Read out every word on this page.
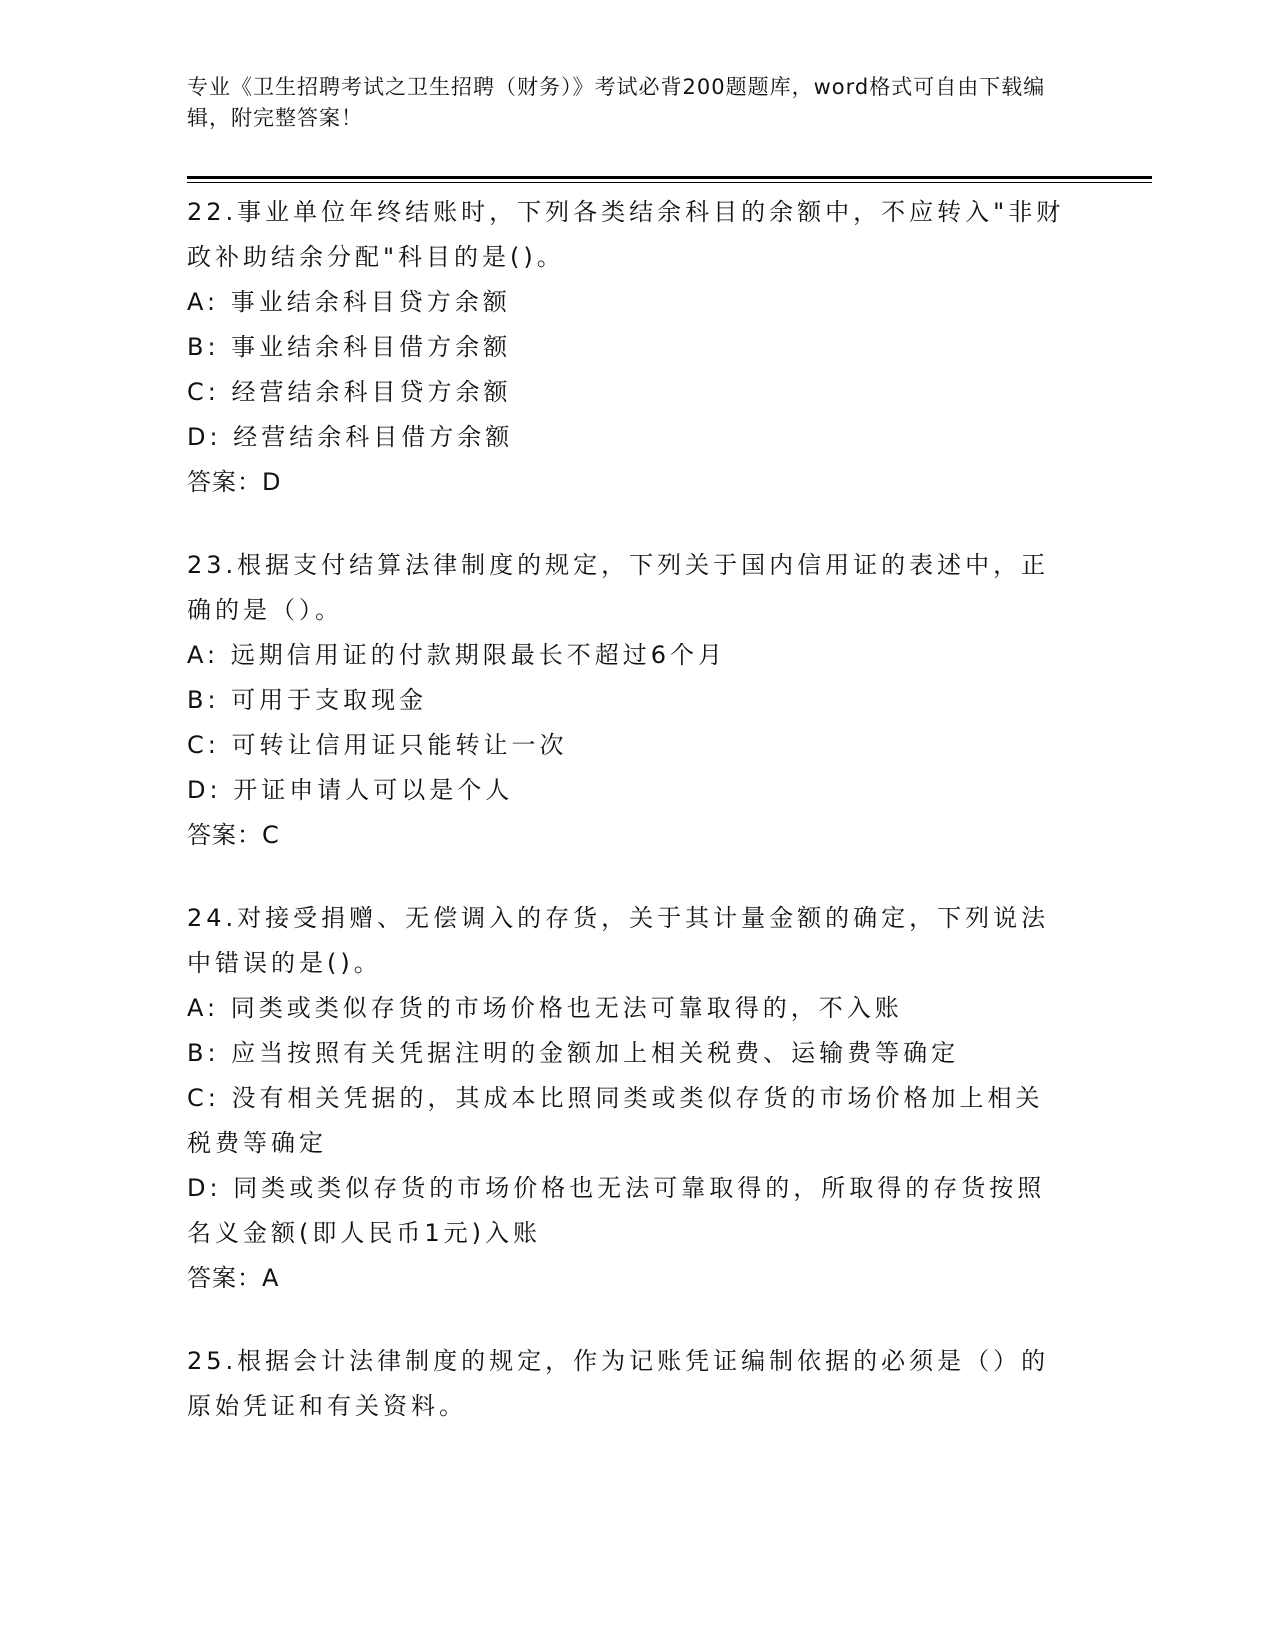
专业《卫生招聘考试之卫生招聘（财务）》考试必背200题题库，word格式可自由下载编辑，附完整答案！

22.事业单位年终结账时，下列各类结余科目的余额中，不应转入"非财政补助结余分配"科目的是()。

A: 事业结余科目贷方余额

B: 事业结余科目借方余额

C: 经营结余科目贷方余额

D: 经营结余科目借方余额

答案：D

23.根据支付结算法律制度的规定，下列关于国内信用证的表述中，正确的是（）。

A: 远期信用证的付款期限最长不超过6个月

B: 可用于支取现金

C: 可转让信用证只能转让一次

D: 开证申请人可以是个人

答案：C

24.对接受捐赠、无偿调入的存货，关于其计量金额的确定，下列说法中错误的是()。

A: 同类或类似存货的市场价格也无法可靠取得的，不入账

B: 应当按照有关凭据注明的金额加上相关税费、运输费等确定

C: 没有相关凭据的，其成本比照同类或类似存货的市场价格加上相关税费等确定

D: 同类或类似存货的市场价格也无法可靠取得的，所取得的存货按照名义金额(即人民币1元)入账

答案：A

25.根据会计法律制度的规定，作为记账凭证编制依据的必须是（）的原始凭证和有关资料。
